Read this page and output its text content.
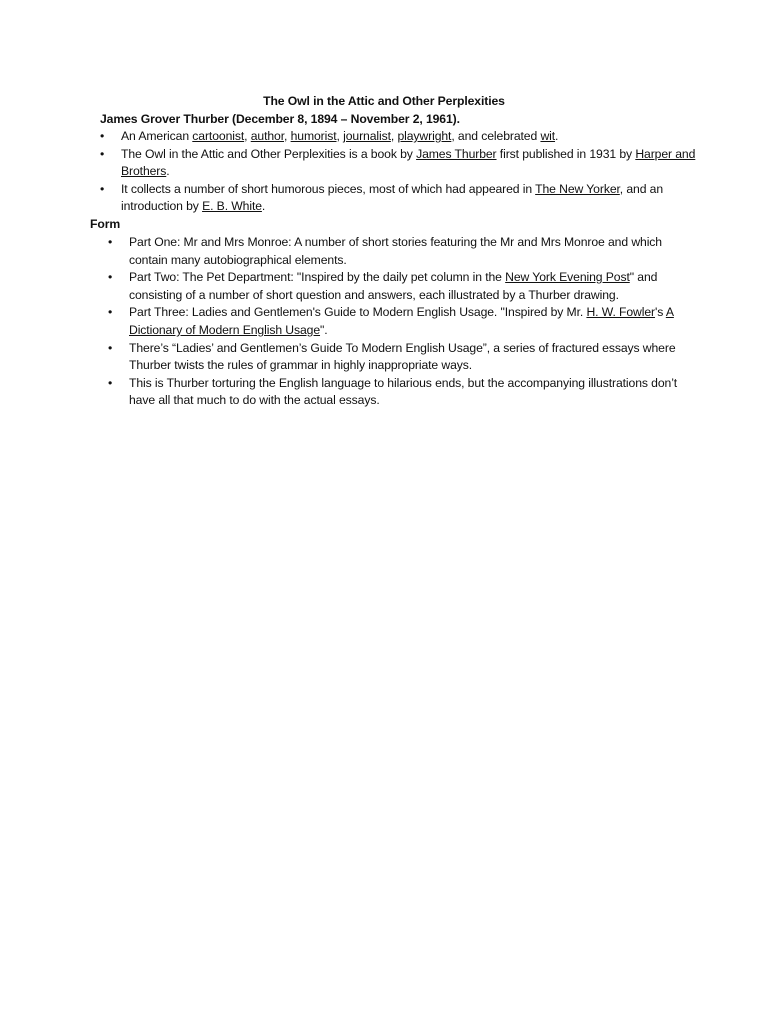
The Owl in the Attic and Other Perplexities
James Grover Thurber (December 8, 1894 – November 2, 1961).
•	An American cartoonist, author, humorist, journalist, playwright, and celebrated wit.
•	The Owl in the Attic and Other Perplexities is a book by James Thurber first published in 1931 by Harper and Brothers.
•	It collects a number of short humorous pieces, most of which had appeared in The New Yorker, and an introduction by E. B. White.
Form
•	Part One: Mr and Mrs Monroe: A number of short stories featuring the Mr and Mrs Monroe and which contain many autobiographical elements.
•	Part Two: The Pet Department: "Inspired by the daily pet column in the New York Evening Post" and consisting of a number of short question and answers, each illustrated by a Thurber drawing.
•	Part Three: Ladies and Gentlemen's Guide to Modern English Usage. "Inspired by Mr. H. W. Fowler's A Dictionary of Modern English Usage".
•	There’s “Ladies’ and Gentlemen’s Guide To Modern English Usage”, a series of fractured essays where Thurber twists the rules of grammar in highly inappropriate ways.
•	This is Thurber torturing the English language to hilarious ends, but the accompanying illustrations don’t have all that much to do with the actual essays.
